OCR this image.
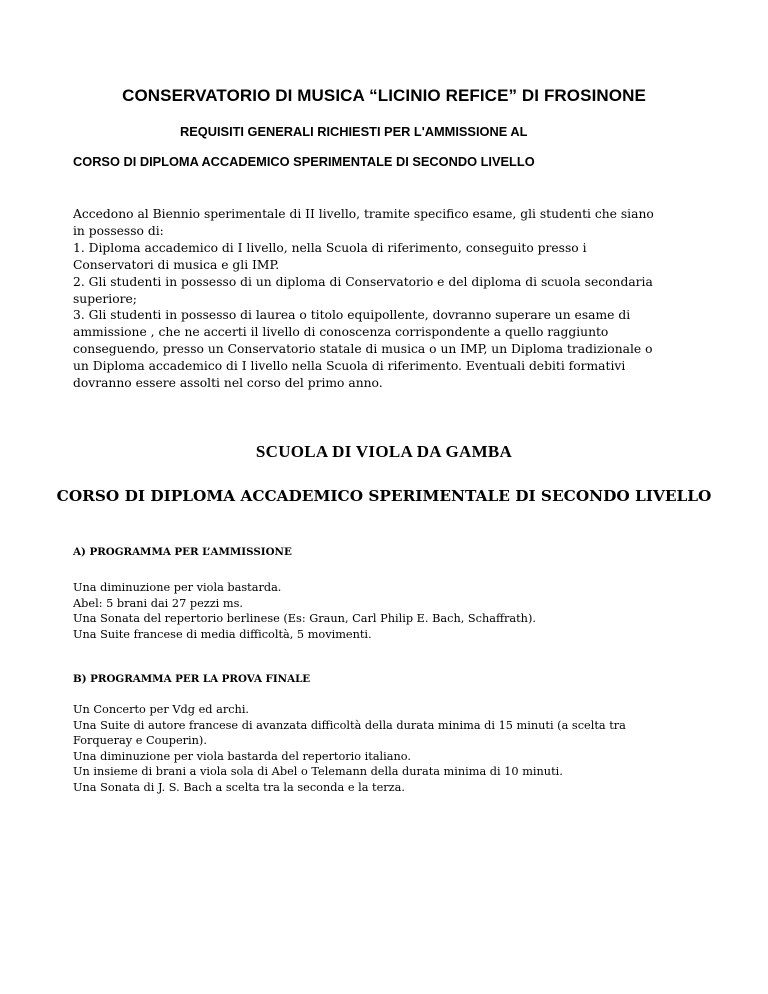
CONSERVATORIO DI MUSICA “LICINIO REFICE” DI FROSINONE
REQUISITI GENERALI RICHIESTI PER L'AMMISSIONE AL
CORSO DI DIPLOMA ACCADEMICO SPERIMENTALE DI SECONDO LIVELLO

Accedono al Biennio sperimentale di II livello, tramite specifico esame, gli studenti che siano

in possesso di:

1. Diploma accademico di I livello, nella Scuola di riferimento, conseguito presso i

Conservatori di musica e gli IMP.

2. Gli studenti in possesso di un diploma di Conservatorio e del diploma di scuola secondaria

superiore;

3. Gli studenti in possesso di laurea o titolo equipollente, dovranno superare un esame di

ammissione , che ne accerti il livello di conoscenza corrispondente a quello raggiunto

conseguendo, presso un Conservatorio statale di musica o un IMP, un Diploma tradizionale o

un Diploma accademico di I livello nella Scuola di riferimento. Eventuali debiti formativi

dovranno essere assolti nel corso del primo anno.

SCUOLA DI VIOLA DA GAMBA
CORSO DI DIPLOMA ACCADEMICO SPERIMENTALE DI SECONDO LIVELLO
A) PROGRAMMA PER L’AMMISSIONE

Una diminuzione per viola bastarda.

Abel: 5 brani dai 27 pezzi ms.

Una Sonata del repertorio berlinese (Es: Graun, Carl Philip E. Bach, Schaffrath).

Una Suite francese di media difficoltà, 5 movimenti.

B) PROGRAMMA PER LA PROVA FINALE

Un Concerto per Vdg ed archi.

Una Suite di autore francese di avanzata difficoltà della durata minima di 15 minuti (a scelta tra

Forqueray e Couperin).

Una diminuzione per viola bastarda del repertorio italiano.

Un insieme di brani a viola sola di Abel o Telemann della durata minima di 10 minuti.

Una Sonata di J. S. Bach a scelta tra la seconda e la terza.
